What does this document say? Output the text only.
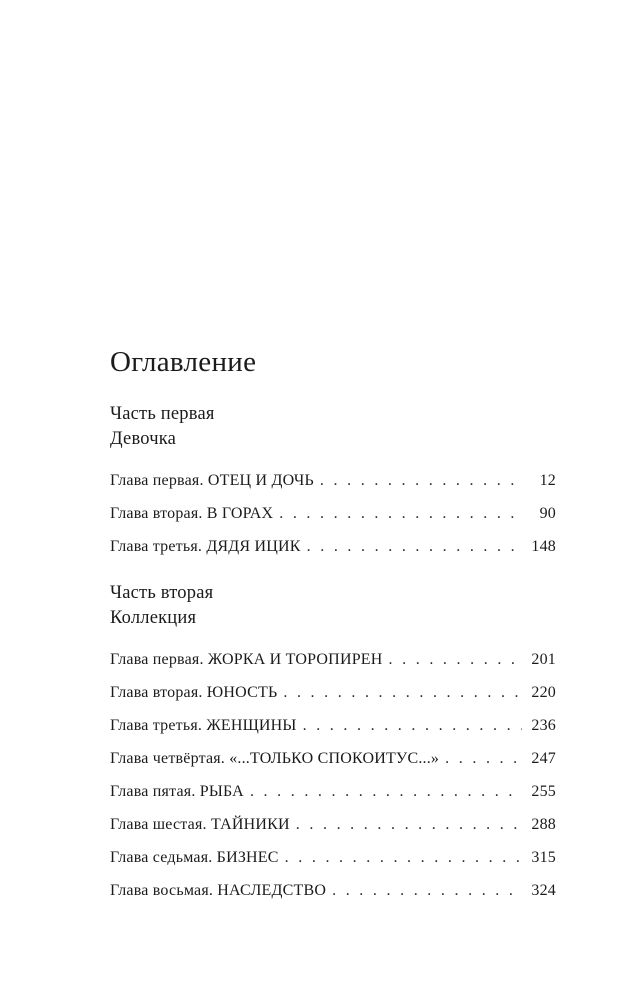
Оглавление
Часть первая
Девочка
Глава первая. ОТЕЦ И ДОЧЬ . . .	12
Глава вторая. В ГОРАХ . . .	90
Глава третья. ДЯДЯ ИЦИК . . .	148
Часть вторая
Коллекция
Глава первая. ЖОРКА И ТОРОПИРЕН . . .	201
Глава вторая. ЮНОСТЬ . . .	220
Глава третья. ЖЕНЩИНЫ . . .	236
Глава четвёртая. «...ТОЛЬКО СПОКОИТУС...» . . .	247
Глава пятая. РЫБА . . .	255
Глава шестая. ТАЙНИКИ . . .	288
Глава седьмая. БИЗНЕС . . .	315
Глава восьмая. НАСЛЕДСТВО . . .	324
